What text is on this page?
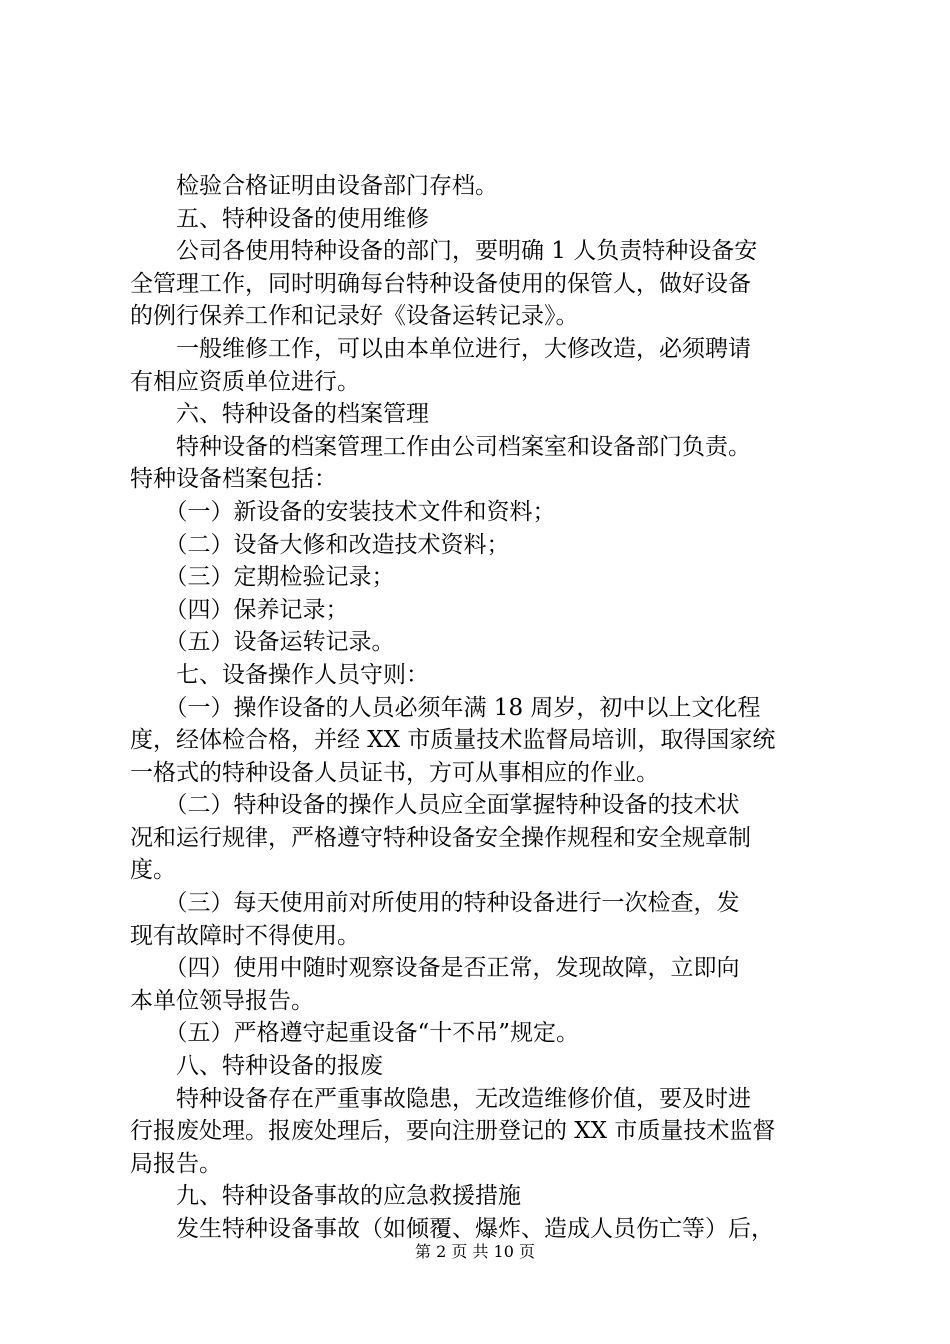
　　检验合格证明由设备部门存档。
　　五、特种设备的使用维修
　　公司各使用特种设备的部门，要明确 1 人负责特种设备安
全管理工作，同时明确每台特种设备使用的保管人，做好设备
的例行保养工作和记录好《设备运转记录》。
　　一般维修工作，可以由本单位进行，大修改造，必须聘请
有相应资质单位进行。
　　六、特种设备的档案管理
　　特种设备的档案管理工作由公司档案室和设备部门负责。
特种设备档案包括：
　　（一）新设备的安装技术文件和资料；
　　（二）设备大修和改造技术资料；
　　（三）定期检验记录；
　　（四）保养记录；
　　（五）设备运转记录。
　　七、设备操作人员守则：
　　（一）操作设备的人员必须年满 18 周岁，初中以上文化程
度，经体检合格，并经 XX 市质量技术监督局培训，取得国家统
一格式的特种设备人员证书，方可从事相应的作业。
　　（二）特种设备的操作人员应全面掌握特种设备的技术状
况和运行规律，严格遵守特种设备安全操作规程和安全规章制
度。
　　（三）每天使用前对所使用的特种设备进行一次检查，发
现有故障时不得使用。
　　（四）使用中随时观察设备是否正常，发现故障，立即向
本单位领导报告。
　　（五）严格遵守起重设备“十不吊”规定。
　　八、特种设备的报废
　　特种设备存在严重事故隐患，无改造维修价值，要及时进
行报废处理。报废处理后，要向注册登记的 XX 市质量技术监督
局报告。
　　九、特种设备事故的应急救援措施
　　发生特种设备事故（如倾覆、爆炸、造成人员伤亡等）后，
第 2 页 共 10 页
